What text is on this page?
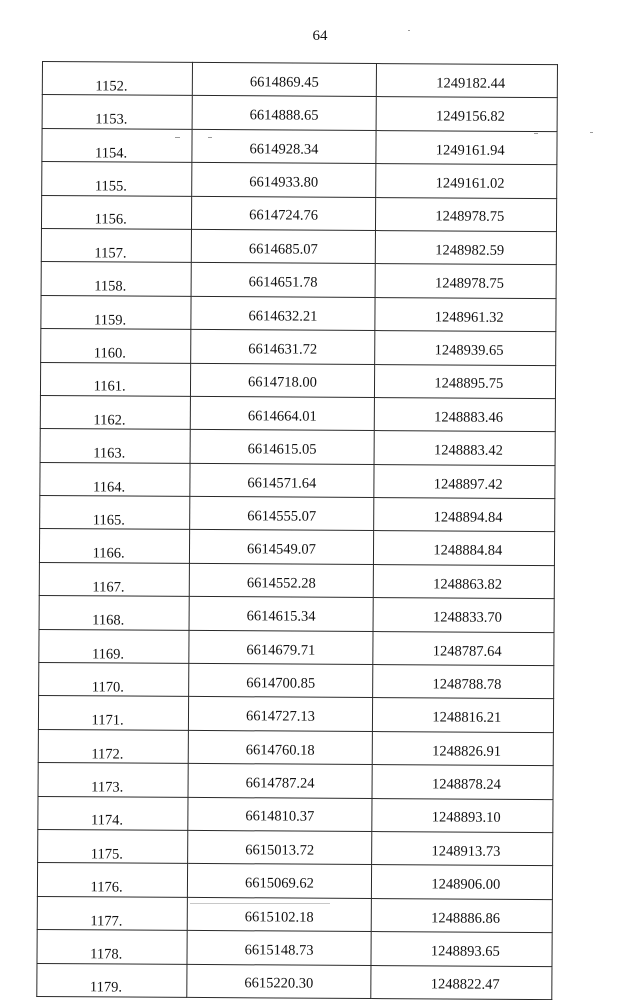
64
1152.	6614869.45	1249182.44
1153.	6614888.65	1249156.82
1154.	6614928.34	1249161.94
1155.	6614933.80	1249161.02
1156.	6614724.76	1248978.75
1157.	6614685.07	1248982.59
1158.	6614651.78	1248978.75
1159.	6614632.21	1248961.32
1160.	6614631.72	1248939.65
1161.	6614718.00	1248895.75
1162.	6614664.01	1248883.46
1163.	6614615.05	1248883.42
1164.	6614571.64	1248897.42
1165.	6614555.07	1248894.84
1166.	6614549.07	1248884.84
1167.	6614552.28	1248863.82
1168.	6614615.34	1248833.70
1169.	6614679.71	1248787.64
1170.	6614700.85	1248788.78
1171.	6614727.13	1248816.21
1172.	6614760.18	1248826.91
1173.	6614787.24	1248878.24
1174.	6614810.37	1248893.10
1175.	6615013.72	1248913.73
1176.	6615069.62	1248906.00
1177.	6615102.18	1248886.86
1178.	6615148.73	1248893.65
1179.	6615220.30	1248822.47
